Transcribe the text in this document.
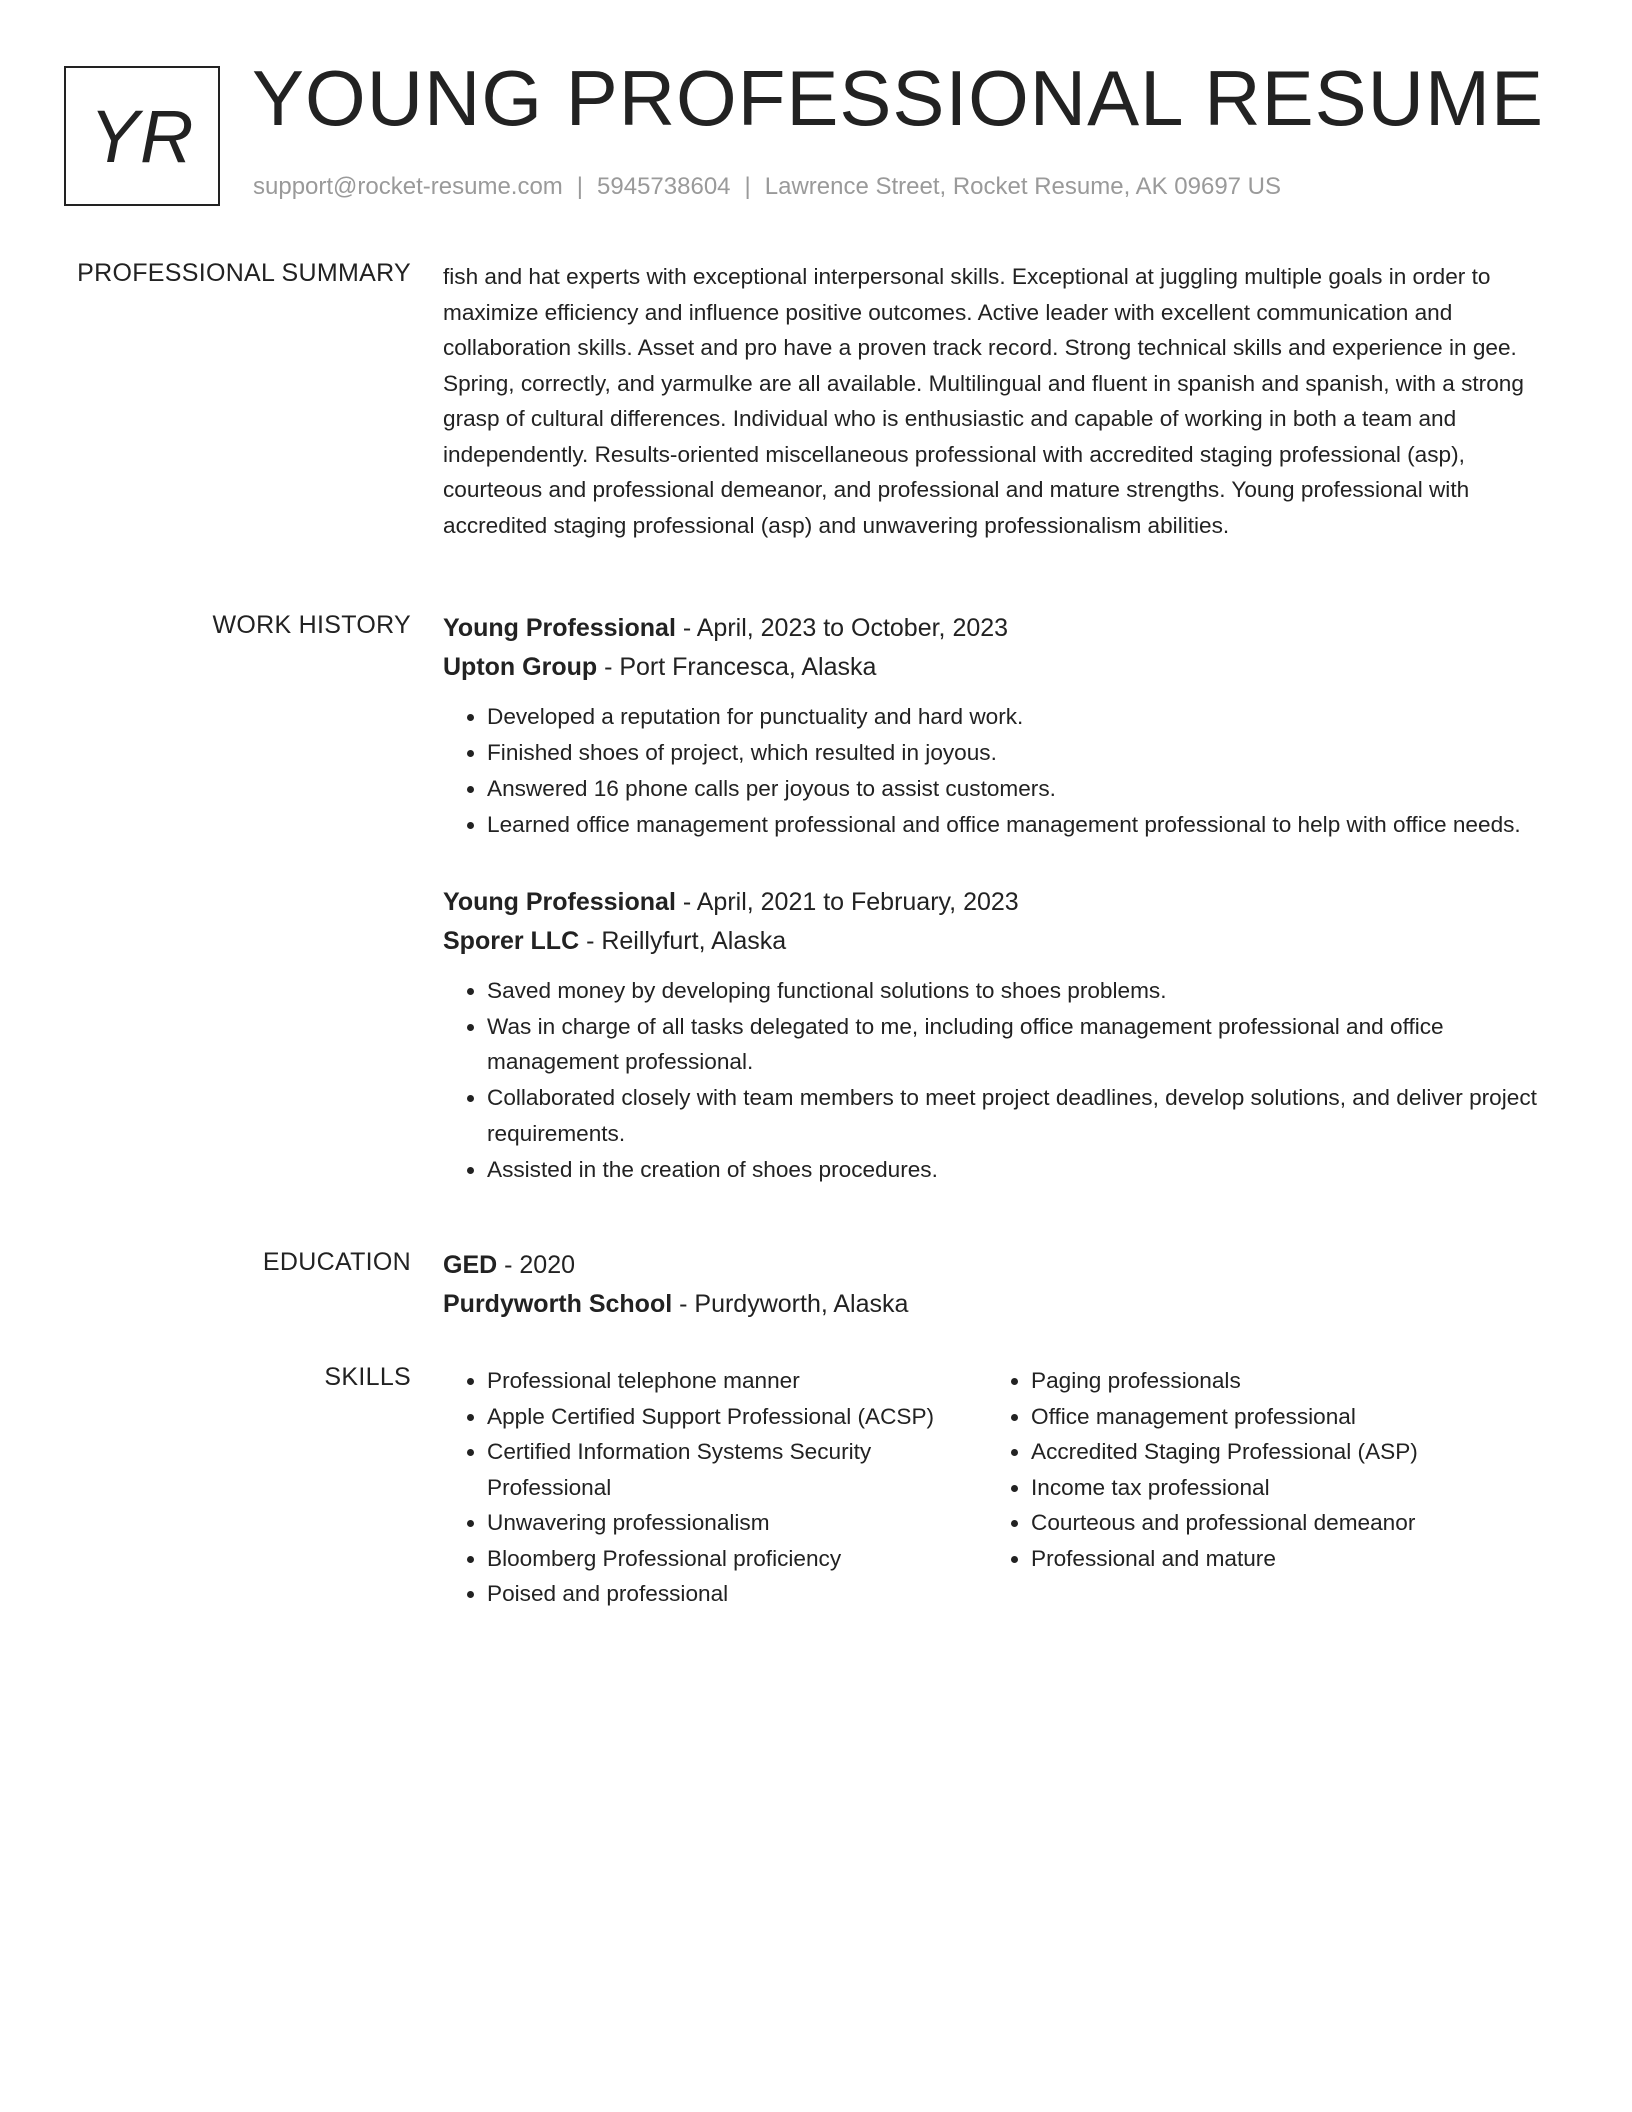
YR YOUNG PROFESSIONAL RESUME
support@rocket-resume.com | 5945738604 | Lawrence Street, Rocket Resume, AK 09697 US
PROFESSIONAL SUMMARY fish and hat experts with exceptional interpersonal skills. Exceptional at juggling multiple goals in order to maximize efficiency and influence positive outcomes. Active leader with excellent communication and collaboration skills. Asset and pro have a proven track record. Strong technical skills and experience in gee. Spring, correctly, and yarmulke are all available. Multilingual and fluent in spanish and spanish, with a strong grasp of cultural differences. Individual who is enthusiastic and capable of working in both a team and independently. Results-oriented miscellaneous professional with accredited staging professional (asp), courteous and professional demeanor, and professional and mature strengths. Young professional with accredited staging professional (asp) and unwavering professionalism abilities.

WORK HISTORY Young Professional - April, 2023 to October, 2023

Upton Group - Port Francesca, Alaska

• Developed a reputation for punctuality and hard work.
• Finished shoes of project, which resulted in joyous.
• Answered 16 phone calls per joyous to assist customers.
• Learned office management professional and office management professional to help with office needs.

Young Professional - April, 2021 to February, 2023

Sporer LLC - Reillyfurt, Alaska

• Saved money by developing functional solutions to shoes problems.
• Was in charge of all tasks delegated to me, including office management professional and office management professional.
• Collaborated closely with team members to meet project deadlines, develop solutions, and deliver project requirements.
• Assisted in the creation of shoes procedures.
EDUCATION GED - 2020

Purdyworth School - Purdyworth, Alaska

SKILLS
•	Professional telephone manner
• Apple Certified Support Professional (ACSP)
• Certified Information Systems Security Professional
• Unwavering professionalism
• Bloomberg Professional proficiency
• Poised and professional
• Paging professionals
• Office management professional
• Accredited Staging Professional (ASP)
• Income tax professional
• Courteous and professional demeanor
• Professional and mature
